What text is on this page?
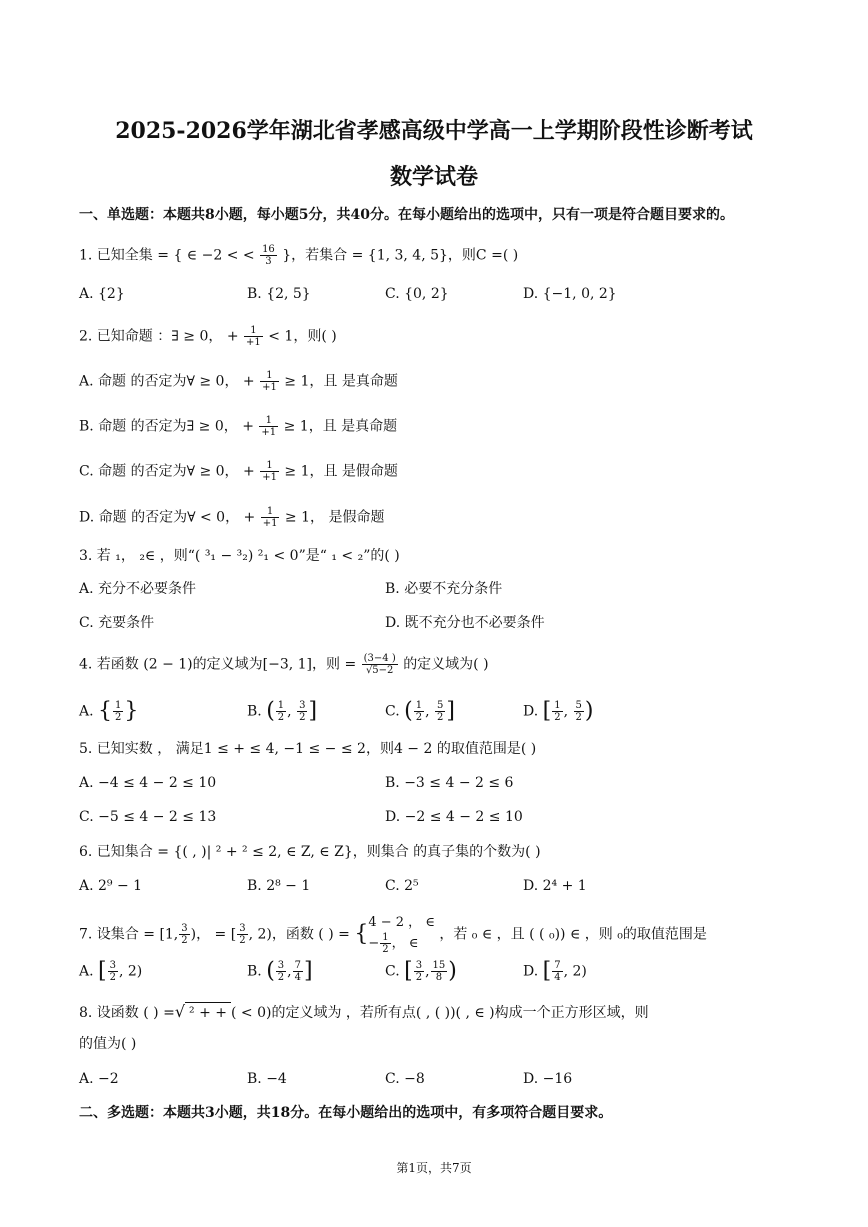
2025-2026学年湖北省孝感高级中学高一上学期阶段性诊断考试
数学试卷
一、单选题：本题共8小题，每小题5分，共40分。在每小题给出的选项中，只有一项是符合题目要求的。
1. 已知全集 = { ∈ −2 < < $\frac{16}{3}$ }，若集合 = {1, 3, 4, 5}，则C =( )
A. {2}	B. {2, 5}	C. {0, 2}	D. {−1, 0, 2}
2. 已知命题 ：∃ ≥ 0， + $\frac{1}{+1} < 1$，则( )
A. 命题 的否定为∀ ≥ 0， + $\frac{1}{+1} \ge 1$，且 是真命题
B. 命题 的否定为∃ ≥ 0， + $\frac{1}{+1} \ge 1$，且 是真命题
C. 命题 的否定为∀ ≥ 0， + $\frac{1}{+1} \ge 1$，且 是假命题
D. 命题 的否定为∀ < 0， + $\frac{1}{+1} \ge 1$， 是假命题
3. 若 ₁， ₂∈ ，则“( ³₁ − ³₂) ²₁ < 0”是“ ₁ < ₂”的( )
A. 充分不必要条件	B. 必要不充分条件
C. 充要条件	D. 既不充分也不必要条件
4. 若函数 (2 − 1)的定义域为[−3, 1]，则 = $\frac{(3-4 )}{√5-2}$ 的定义域为( )
A. { $\frac{1}{2}$ }	B. ( $\frac{1}{2}$ , $\frac{3}{2}$ ]	C. ( $\frac{1}{2}$ , $\frac{5}{2}$ ]	D. [ $\frac{1}{2}$ , $\frac{5}{2}$ )
5. 已知实数 ， 满足1 ≤ + ≤ 4, −1 ≤ − ≤ 2，则4 − 2 的取值范围是( )
A. −4 ≤ 4 − 2 ≤ 10	B. −3 ≤ 4 − 2 ≤ 6
C. −5 ≤ 4 − 2 ≤ 13	D. −2 ≤ 4 − 2 ≤ 10
6. 已知集合 = {( , )| ² + ² ≤ 2, ∈ Z, ∈ Z}，则集合 的真子集的个数为( )
A. 2⁹ − 1	B. 2⁸ − 1	C. 2⁵	D. 2⁴ + 1
7. 设集合 = [1, $\frac{3}{2}$ )， = [ $\frac{3}{2}$ , 2)，函数 ( ) = { 4 − 2 ， ∈
− $\frac{1}{2}$ ， ∈
，若 ₀ ∈ ，且 ( ( ₀)) ∈ ，则 ₀的取值范围是
A. [ $\frac{3}{2}$ , 2)	B. ( $\frac{3}{2}$ , $\frac{7}{4}$ ]	C. [ $\frac{3}{2}$ , $\frac{15}{8}$ )	D. [ $\frac{7}{4}$ , 2)
8. 设函数 ( ) =√² + +( < 0)的定义域为 ，若所有点( , ( ))( , ∈ )构成一个正方形区域，则
的值为( )
A. −2	B. −4	C. −8	D. −16
二、多选题：本题共3小题，共18分。在每小题给出的选项中，有多项符合题目要求。
第1页，共7页
